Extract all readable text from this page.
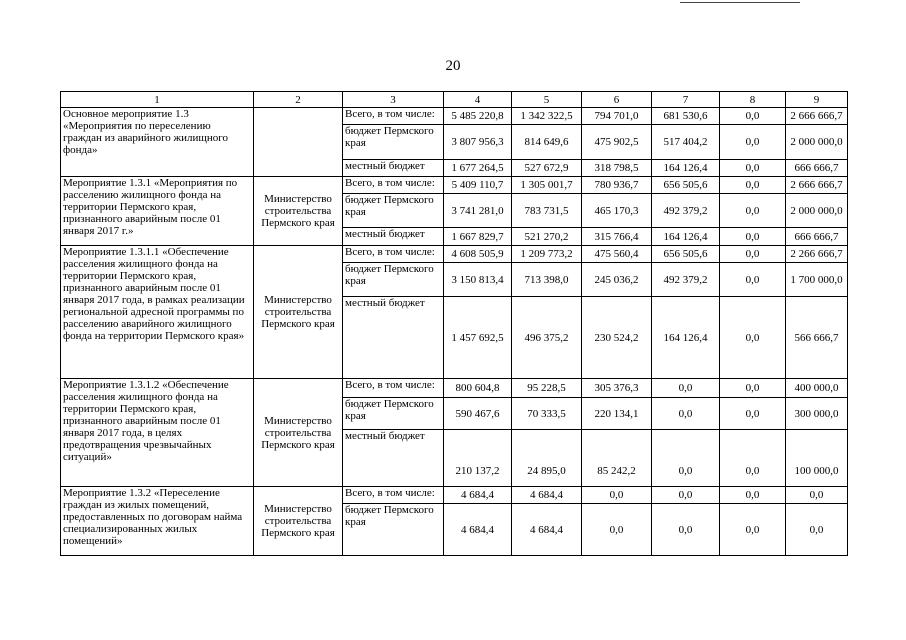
20
1	2	3	4	5	6	7	8	9
Основное мероприятие 1.3 «Мероприятия по переселению граждан из аварийного жилищного фонда»		Всего, в том числе:	5 485 220,8	1 342 322,5	794 701,0	681 530,6	0,0	2 666 666,7
		бюджет Пермского края	3 807 956,3	814 649,6	475 902,5	517 404,2	0,0	2 000 000,0
		местный бюджет	1 677 264,5	527 672,9	318 798,5	164 126,4	0,0	666 666,7
Мероприятие 1.3.1 «Мероприятия по расселению жилищного фонда на территории Пермского края, признанного аварийным после 01 января 2017 г.»	Министерство строительства Пермского края	Всего, в том числе:	5 409 110,7	1 305 001,7	780 936,7	656 505,6	0,0	2 666 666,7
		бюджет Пермского края	3 741 281,0	783 731,5	465 170,3	492 379,2	0,0	2 000 000,0
		местный бюджет	1 667 829,7	521 270,2	315 766,4	164 126,4	0,0	666 666,7
Мероприятие 1.3.1.1 «Обеспечение расселения жилищного фонда на территории Пермского края, признанного аварийным после 01 января 2017 года, в рамках реализации региональной адресной программы по расселению аварийного жилищного фонда на территории Пермского края»	Министерство строительства Пермского края	Всего, в том числе:	4 608 505,9	1 209 773,2	475 560,4	656 505,6	0,0	2 266 666,7
		бюджет Пермского края	3 150 813,4	713 398,0	245 036,2	492 379,2	0,0	1 700 000,0
		местный бюджет	1 457 692,5	496 375,2	230 524,2	164 126,4	0,0	566 666,7
Мероприятие 1.3.1.2 «Обеспечение расселения жилищного фонда на территории Пермского края, признанного аварийным после 01 января 2017 года, в целях предотвращения чрезвычайных ситуаций»	Министерство строительства Пермского края	Всего, в том числе:	800 604,8	95 228,5	305 376,3	0,0	0,0	400 000,0
		бюджет Пермского края	590 467,6	70 333,5	220 134,1	0,0	0,0	300 000,0
		местный бюджет	210 137,2	24 895,0	85 242,2	0,0	0,0	100 000,0
Мероприятие 1.3.2 «Переселение граждан из жилых помещений, предоставленных по договорам найма специализированных жилых помещений»	Министерство строительства Пермского края	Всего, в том числе:	4 684,4	4 684,4	0,0	0,0	0,0	0,0
		бюджет Пермского края	4 684,4	4 684,4	0,0	0,0	0,0	0,0
